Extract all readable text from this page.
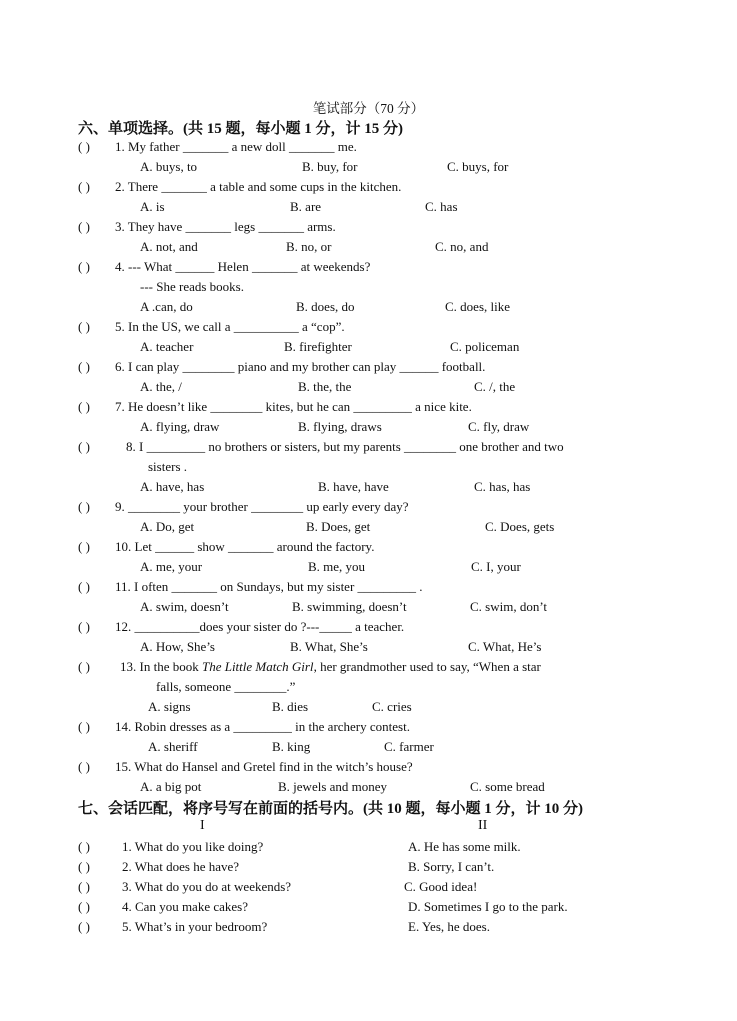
笔试部分（70 分）
六、单项选择。(共 15 题，每小题 1 分，计 15 分)
( ) 1. My father _______ a new doll _______ me.
A. buys, to	B. buy, for	C. buys, for
( ) 2. There _______ a table and some cups in the kitchen.
A. is	B. are	C. has
( ) 3. They have _______ legs _______ arms.
A. not, and	B. no, or	C. no, and
( ) 4. --- What ______ Helen _______ at weekends?
--- She reads books.
A .can, do	B. does, do	C. does, like
( ) 5. In the US, we call a __________ a “cop”.
A. teacher	B. firefighter	C. policeman
( ) 6. I can play ________ piano and my brother can play ______ football.
A. the, /	B. the, the	C. /, the
( ) 7. He doesn’t like ________ kites, but he can _________ a nice kite.
A. flying, draw	B. flying, draws	C. fly, draw
( )	8. I _________ no brothers or sisters, but my parents ________ one brother and two
sisters .
A. have, has	B. have, have	C. has, has
( ) 9. ________ your brother ________ up early every day?
A. Do, get	B. Does, get	C. Does, gets
( ) 10. Let ______ show _______ around the factory.
A. me, your	B. me, you	C. I, your
( ) 11. I often _______ on Sundays, but my sister _________ .
A. swim, doesn’t	B. swimming, doesn’t	C. swim, don’t
( ) 12. __________does your sister do ?---_____ a teacher.
A. How, She’s	B. What, She’s	C. What, He’s
( ) 13. In the book The Little Match Girl, her grandmother used to say, “When a star
falls, someone ________.”
A. signs	B. dies	C. cries
( ) 14. Robin dresses as a _________ in the archery contest.
A. sheriff	B. king	C. farmer
( ) 15. What do Hansel and Gretel find in the witch’s house?
A. a big pot	B. jewels and money	C. some bread
七、会话匹配，将序号写在前面的括号内。(共 10 题，每小题 1 分，计 10 分)
I	II
( ) 1. What do you like doing?	A. He has some milk.
( ) 2. What does he have?	B. Sorry, I can’t.
( ) 3. What do you do at weekends?	C. Good idea!
( ) 4. Can you make cakes?	D. Sometimes I go to the park.
( ) 5. What’s in your bedroom?	E. Yes, he does.
